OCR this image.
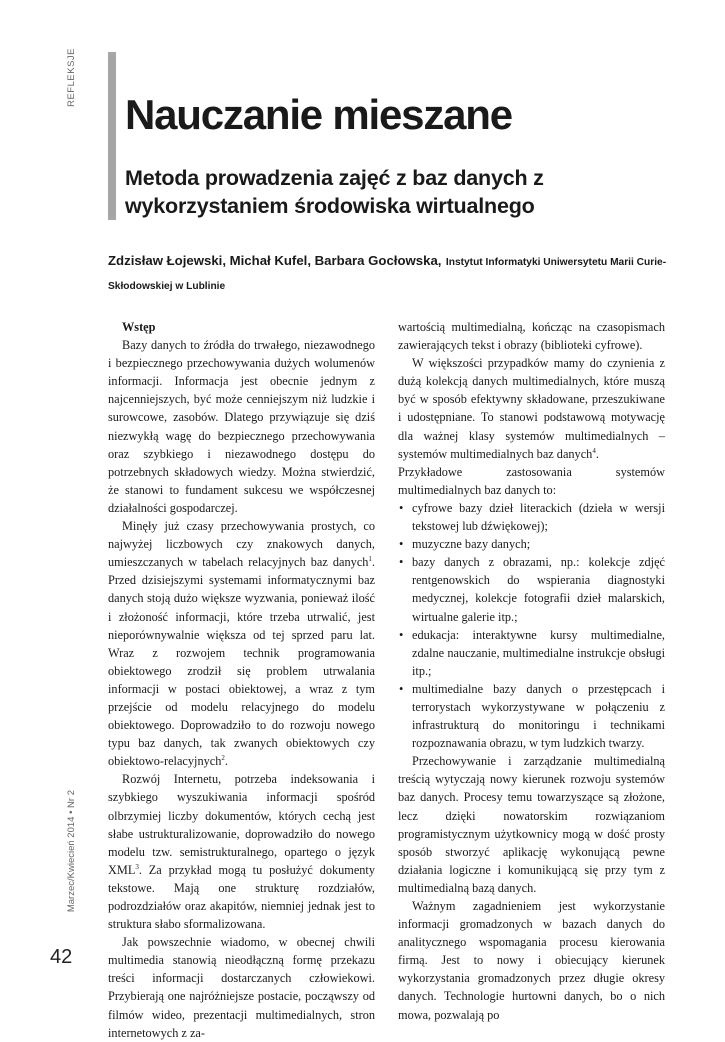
REFLEKSJE
Marzec/Kwiecień 2014 • Nr 2
42
Nauczanie mieszane
Metoda prowadzenia zajęć z baz danych z wykorzystaniem środowiska wirtualnego
Zdzisław Łojewski, Michał Kufel, Barbara Gocłowska, Instytut Informatyki Uniwersytetu Marii Curie-Skłodowskiej w Lublinie
Wstęp

Bazy danych to źródła do trwałego, niezawodnego i bezpiecznego przechowywania dużych wolumenów informacji. Informacja jest obecnie jednym z najcenniejszych, być może cenniejszym niż ludzkie i surowcowe, zasobów. Dlatego przywiązuje się dziś niezwykłą wagę do bezpiecznego przechowywania oraz szybkiego i niezawodnego dostępu do potrzebnych składowych wiedzy. Można stwierdzić, że stanowi to fundament sukcesu we współczesnej działalności gospodarczej.

Minęły już czasy przechowywania prostych, co najwyżej liczbowych czy znakowych danych, umieszczanych w tabelach relacyjnych baz danych$^1$. Przed dzisiejszymi systemami informatycznymi baz danych stoją dużo większe wyzwania, ponieważ ilość i złożoność informacji, które trzeba utrwalić, jest nieporównywalnie większa od tej sprzed paru lat. Wraz z rozwojem technik programowania obiektowego zrodził się problem utrwalania informacji w postaci obiektowej, a wraz z tym przejście od modelu relacyjnego do modelu obiektowego. Doprowadziło to do rozwoju nowego typu baz danych, tak zwanych obiektowych czy obiektowo-relacyjnych$^2$.

Rozwój Internetu, potrzeba indeksowania i szybkiego wyszukiwania informacji spośród olbrzymiej liczby dokumentów, których cechą jest słabe ustrukturalizowanie, doprowadziło do nowego modelu tzw. semistrukturalnego, opartego o język XML$^3$. Za przykład mogą tu posłużyć dokumenty tekstowe. Mają one strukturę rozdziałów, podrozdziałów oraz akapitów, niemniej jednak jest to struktura słabo sformalizowana.

Jak powszechnie wiadomo, w obecnej chwili multimedia stanowią nieodłączną formę przekazu treści informacji dostarczanych człowiekowi. Przybierają one najróżniejsze postacie, począwszy od filmów wideo, prezentacji multimedialnych, stron internetowych z za-

wartością multimedialną, kończąc na czasopismach zawierających tekst i obrazy (biblioteki cyfrowe).

W większości przypadków mamy do czynienia z dużą kolekcją danych multimedialnych, które muszą być w sposób efektywny składowane, przeszukiwane i udostępniane. To stanowi podstawową motywację dla ważnej klasy systemów multimedialnych – systemów multimedialnych baz danych$^4$.

Przykładowe zastosowania systemów multimedialnych baz danych to:

• cyfrowe bazy dzieł literackich (dzieła w wersji tekstowej lub dźwiękowej);
• muzyczne bazy danych;
• bazy danych z obrazami, np.: kolekcje zdjęć rentgenowskich do wspierania diagnostyki medycznej, kolekcje fotografii dzieł malarskich, wirtualne galerie itp.;
• edukacja: interaktywne kursy multimedialne, zdalne nauczanie, multimedialne instrukcje obsługi itp.;
• multimedialne bazy danych o przestępcach i terrorystach wykorzystywane w połączeniu z infrastrukturą do monitoringu i technikami rozpoznawania obrazu, w tym ludzkich twarzy.

Przechowywanie i zarządzanie multimedialną treścią wytyczają nowy kierunek rozwoju systemów baz danych. Procesy temu towarzyszące są złożone, lecz dzięki nowatorskim rozwiązaniom programistycznym użytkownicy mogą w dość prosty sposób stworzyć aplikację wykonującą pewne działania logiczne i komunikującą się przy tym z multimedialną bazą danych.

Ważnym zagadnieniem jest wykorzystanie informacji gromadzonych w bazach danych do analitycznego wspomagania procesu kierowania firmą. Jest to nowy i obiecujący kierunek wykorzystania gromadzonych przez długie okresy danych. Technologie hurtowni danych, bo o nich mowa, pozwalają po
